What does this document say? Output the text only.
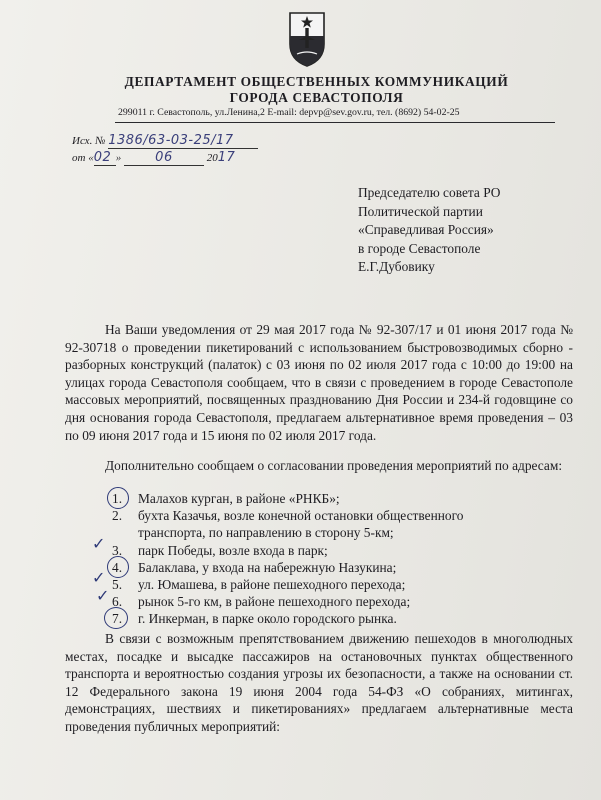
ДЕПАРТАМЕНТ ОБЩЕСТВЕННЫХ КОММУНИКАЦИЙ
ГОРОДА СЕВАСТОПОЛЯ
299011 г. Севастополь, ул.Ленина,2 E-mail: depvp@sev.gov.ru, тел. (8692) 54-02-25
Исх. № 1386/63-03-25/17
от «02 » 06	2017
Председателю совета РО
Политической партии
«Справедливая Россия»
в городе Севастополе
Е.Г.Дубовику

На Ваши уведомления от 29 мая 2017 года № 92-307/17 и 01 июня 2017 года № 92-30718 о проведении пикетирований с использованием быстровозводимых сборно - разборных конструкций (палаток) с 03 июня по 02 июля 2017 года с 10:00 до 19:00 на улицах города Севастополя сообщаем, что в связи с проведением в городе Севастополе массовых мероприятий, посвященных празднованию Дня России и 234-й годовщине со дня основания города Севастополя, предлагаем альтернативное время проведения – 03 по 09 июня 2017 года и 15 июня по 02 июля 2017 года.

Дополнительно сообщаем о согласовании проведения мероприятий по адресам:

1. Малахов курган, в районе «РНКБ»;
2. бухта Казачья, возле конечной остановки общественного
транспорта, по направлению в сторону 5-км;
3. парк Победы, возле входа в парк;
4. Балаклава, у входа на набережную Назукина;
5. ул. Юмашева, в районе пешеходного перехода;
6. рынок 5-го км, в районе пешеходного перехода;
7. г. Инкерман, в парке около городского рынка.
✓
✓
✓

В связи с возможным препятствованием движению пешеходов в многолюдных местах, посадке и высадке пассажиров на остановочных пунктах общественного транспорта и вероятностью создания угрозы их безопасности, а также на основании ст. 12 Федерального закона 19 июня 2004 года 54-ФЗ «О собраниях, митингах, демонстрациях, шествиях и пикетированиях» предлагаем альтернативные места проведения публичных мероприятий:
